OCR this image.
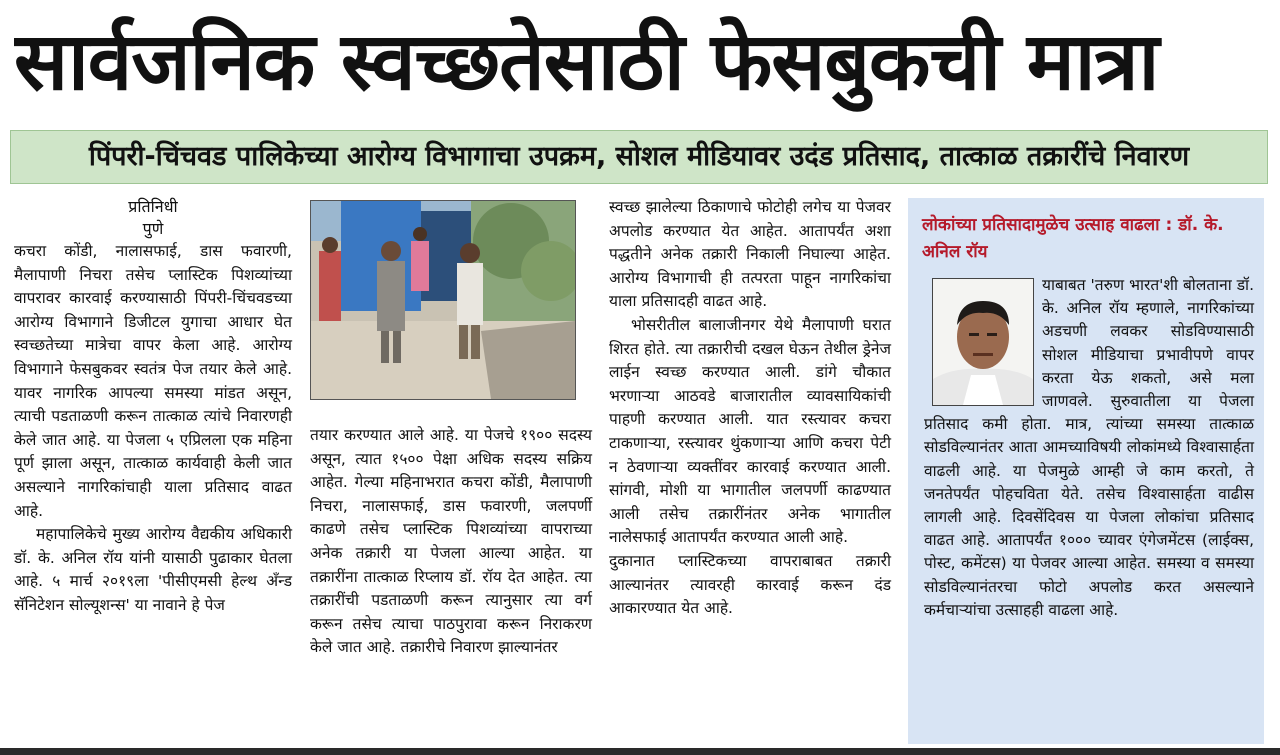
सार्वजनिक स्वच्छतेसाठी फेसबुकची मात्रा
पिंपरी-चिंचवड पालिकेच्या आरोग्य विभागाचा उपक्रम, सोशल मीडियावर उदंड प्रतिसाद, तात्काळ तक्रारींचे निवारण
प्रतिनिधी
पुणे

कचरा कोंडी, नालासफाई, डास फवारणी, मैलापाणी निचरा तसेच प्लास्टिक पिशव्यांच्या वापरावर कारवाई करण्यासाठी पिंपरी-चिंचवडच्या आरोग्य विभागाने डिजीटल युगाचा आधार घेत स्वच्छतेच्या मात्रेचा वापर केला आहे. आरोग्य विभागाने फेसबुकवर स्वतंत्र पेज तयार केले आहे. यावर नागरिक आपल्या समस्या मांडत असून, त्याची पडताळणी करून तात्काळ त्यांचे निवारणही केले जात आहे. या पेजला ५ एप्रिलला एक महिना पूर्ण झाला असून, तात्काळ कार्यवाही केली जात असल्याने नागरिकांचाही याला प्रतिसाद वाढत आहे.

महापालिकेचे मुख्य आरोग्य वैद्यकीय अधिकारी डॉ. के. अनिल रॉय यांनी यासाठी पुढाकार घेतला आहे. ५ मार्च २०१९ला 'पीसीएमसी हेल्थ अँन्ड सॅनिटेशन सोल्यूशन्स' या नावाने हे पेज

तयार करण्यात आले आहे. या पेजचे १९०० सदस्य असून, त्यात १५०० पेक्षा अधिक सदस्य सक्रिय आहेत. गेल्या महिनाभरात कचरा कोंडी, मैलापाणी निचरा, नालासफाई, डास फवारणी, जलपर्णी काढणे तसेच प्लास्टिक पिशव्यांच्या वापराच्या अनेक तक्रारी या पेजला आल्या आहेत. या तक्रारींना तात्काळ रिप्लाय डॉ. रॉय देत आहेत. त्या तक्रारींची पडताळणी करून त्यानुसार त्या वर्ग करून तसेच त्याचा पाठपुरावा करून निराकरण केले जात आहे. तक्रारीचे निवारण झाल्यानंतर

स्वच्छ झालेल्या ठिकाणाचे फोटोही लगेच या पेजवर अपलोड करण्यात येत आहेत. आतापर्यंत अशा पद्धतीने अनेक तक्रारी निकाली निघाल्या आहेत. आरोग्य विभागाची ही तत्परता पाहून नागरिकांचा याला प्रतिसादही वाढत आहे.

भोसरीतील बालाजीनगर येथे मैलापाणी घरात शिरत होते. त्या तक्रारीची दखल घेऊन तेथील ड्रेनेज लाईन स्वच्छ करण्यात आली. डांगे चौकात भरणाऱ्या आठवडे बाजारातील व्यावसायिकांची पाहणी करण्यात आली. यात रस्त्यावर कचरा टाकणाऱ्या, रस्त्यावर थुंकणाऱ्या आणि कचरा पेटी न ठेवणाऱ्या व्यक्तींवर कारवाई करण्यात आली. सांगवी, मोशी या भागातील जलपर्णी काढण्यात आली तसेच तक्रारींनंतर अनेक भागातील नालेसफाई आतापर्यंत करण्यात आली आहे.

दुकानात प्लास्टिकच्या वापराबाबत तक्रारी आल्यानंतर त्यावरही कारवाई करून दंड आकारण्यात येत आहे.

लोकांच्या प्रतिसादामुळेच उत्साह वाढला : डॉ. के. अनिल रॉय
याबाबत 'तरुण भारत'शी बोलताना डॉ. के. अनिल रॉय म्हणाले, नागरिकांच्या अडचणी लवकर सोडविण्यासाठी सोशल मीडियाचा प्रभावीपणे वापर करता येऊ शकतो, असे मला जाणवले. सुरुवातीला या पेजला प्रतिसाद कमी होता. मात्र, त्यांच्या समस्या तात्काळ सोडविल्यानंतर आता आमच्याविषयी लोकांमध्ये विश्वासार्हता वाढली आहे. या पेजमुळे आम्ही जे काम करतो, ते जनतेपर्यंत पोहचविता येते. तसेच विश्वासार्हता वाढीस लागली आहे. दिवसेंदिवस या पेजला लोकांचा प्रतिसाद वाढत आहे. आतापर्यंत १००० च्यावर एंगेजमेंटस (लाईक्स, पोस्ट, कमेंटस) या पेजवर आल्या आहेत. समस्या व समस्या सोडविल्यानंतरचा फोटो अपलोड करत असल्याने कर्मचाऱ्यांचा उत्साहही वाढला आहे.
